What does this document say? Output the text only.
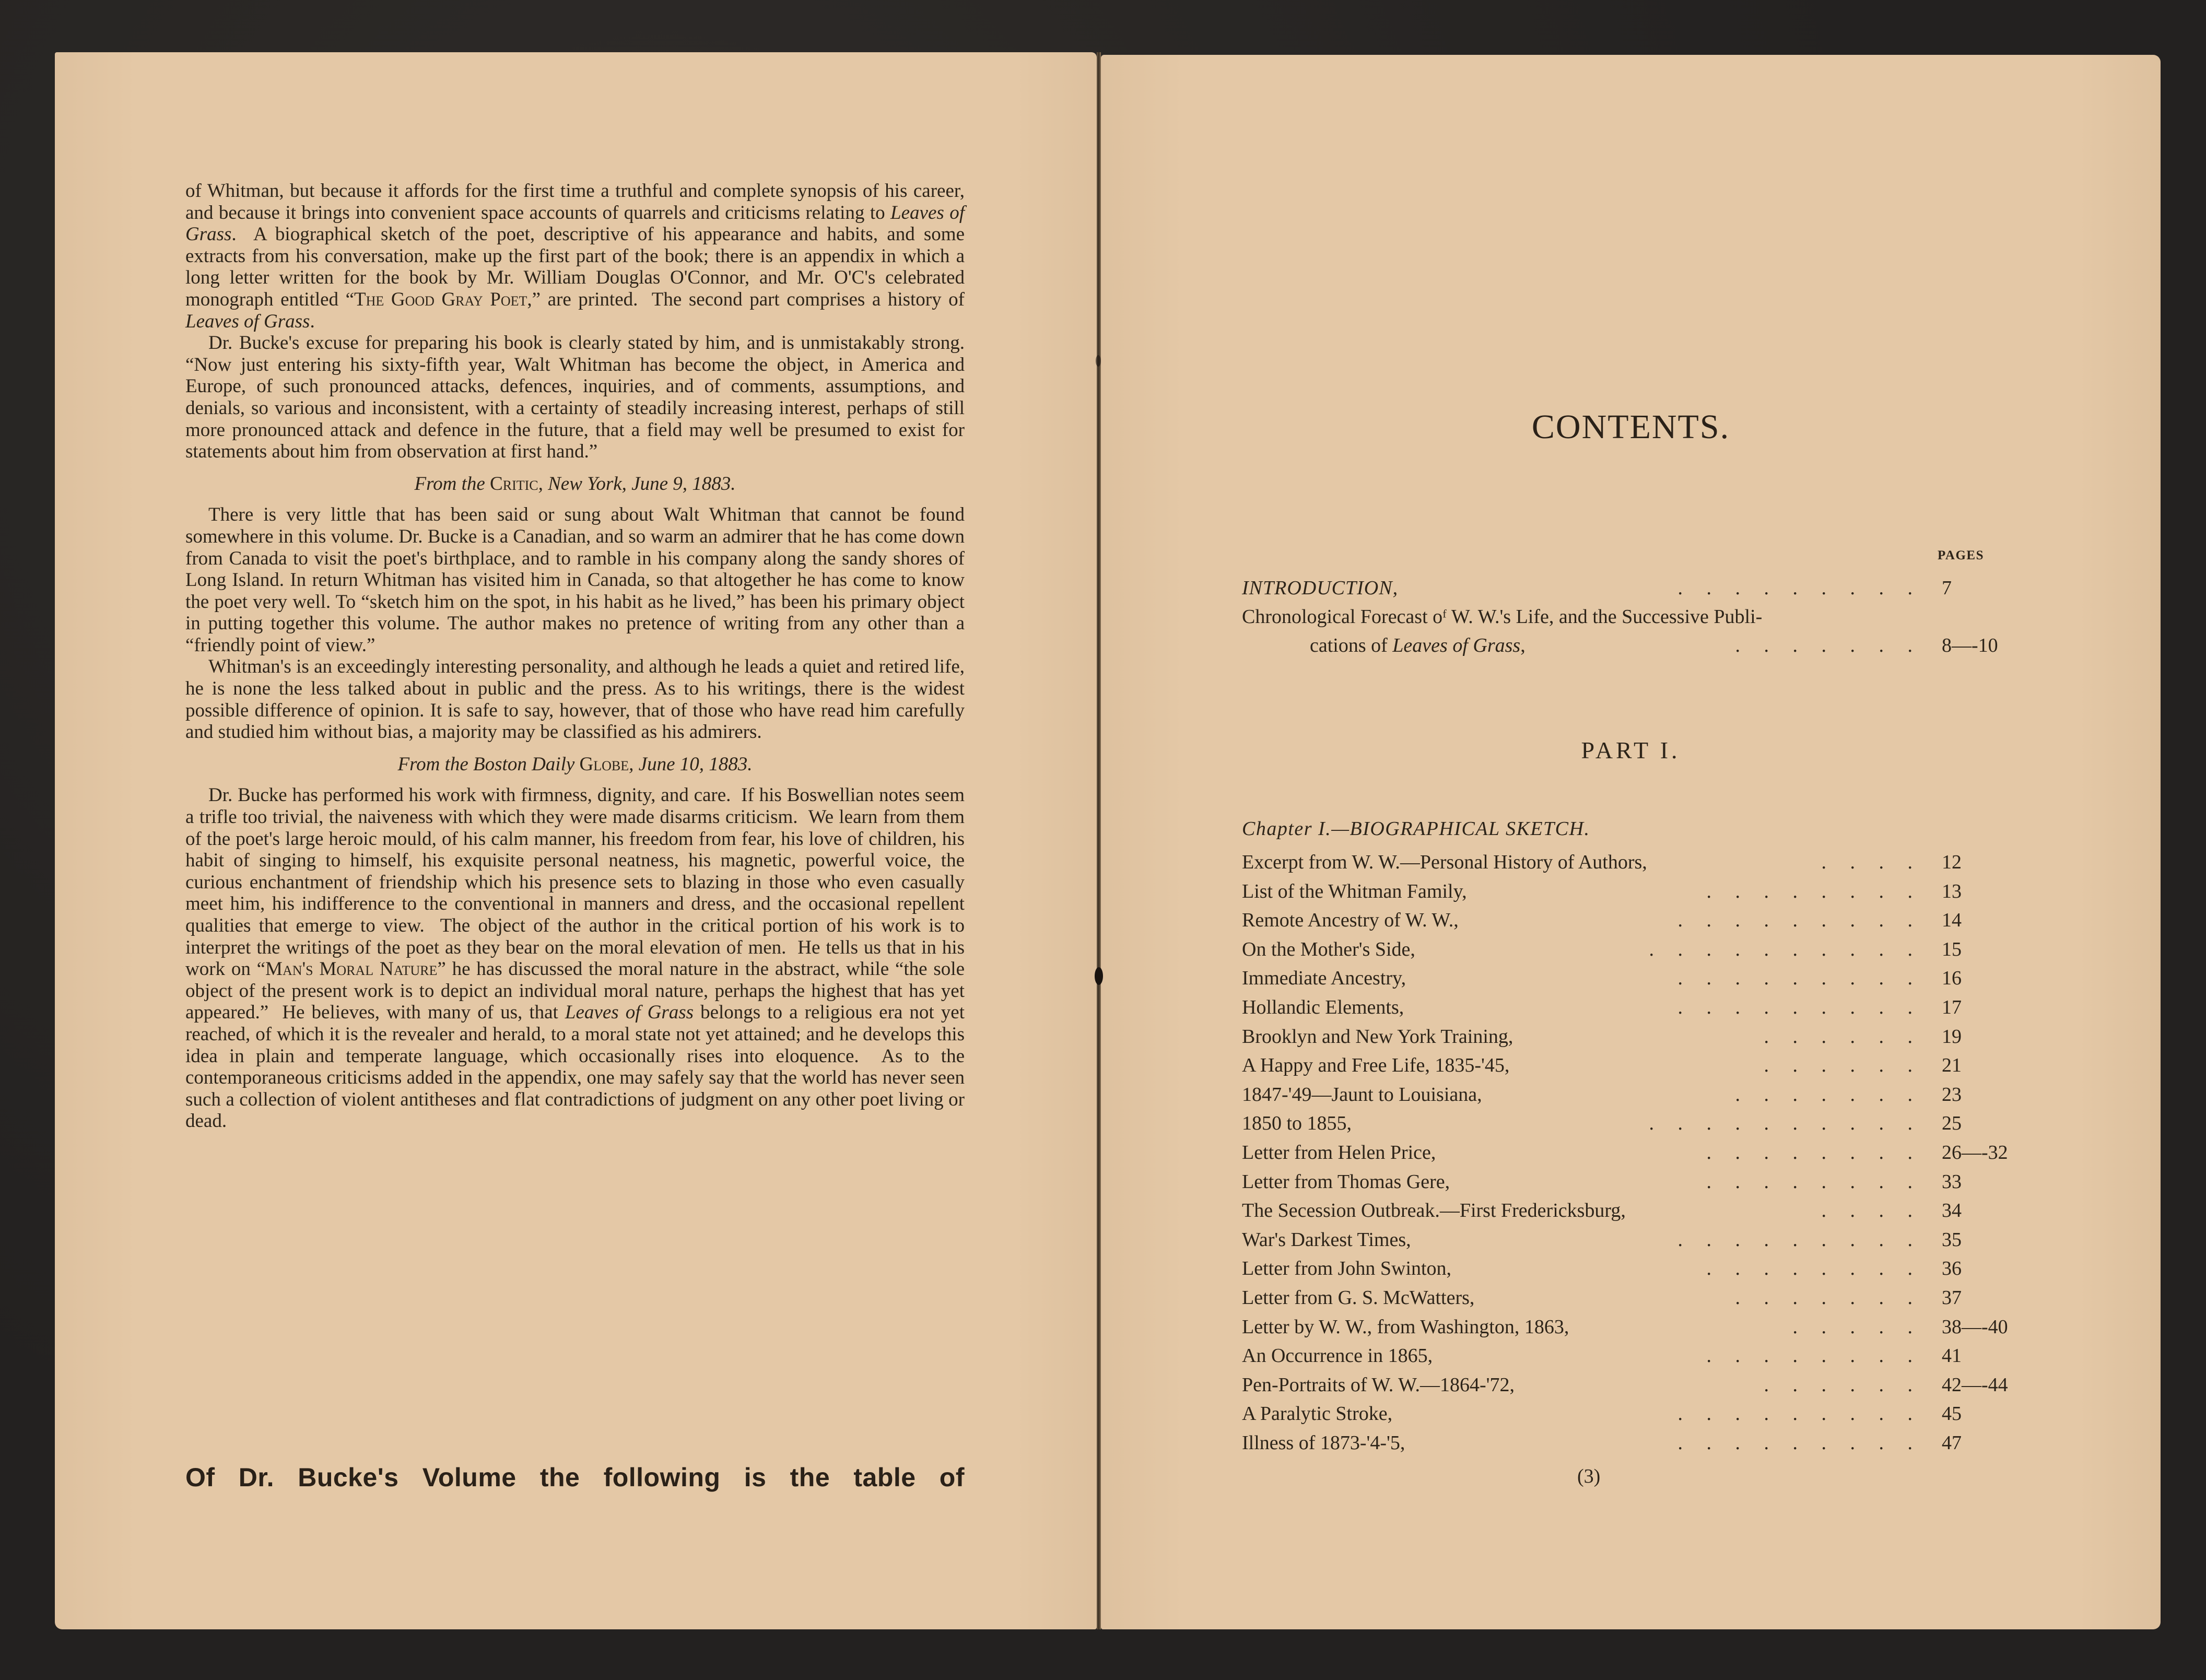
of Whitman, but because it affords for the first time a truthful and complete synopsis of his career, and because it brings into convenient space accounts of quarrels and criticisms relating to Leaves of Grass.  A biographical sketch of the poet, descriptive of his appearance and habits, and some extracts from his conversation, make up the first part of the book; there is an appendix in which a long letter written for the book by Mr. William Douglas O'Connor, and Mr. O'C's celebrated monograph entitled “The Good Gray Poet,” are printed.  The second part comprises a history of Leaves of Grass.

Dr. Bucke's excuse for preparing his book is clearly stated by him, and is unmistakably strong. “Now just entering his sixty-fifth year, Walt Whitman has become the object, in America and Europe, of such pronounced attacks, defences, inquiries, and of comments, assumptions, and denials, so various and inconsistent, with a certainty of steadily increasing interest, perhaps of still more pronounced attack and defence in the future, that a field may well be presumed to exist for statements about him from observation at first hand.”

From the Critic, New York, June 9, 1883.

There is very little that has been said or sung about Walt Whitman that cannot be found somewhere in this volume. Dr. Bucke is a Canadian, and so warm an admirer that he has come down from Canada to visit the poet's birthplace, and to ramble in his company along the sandy shores of Long Island. In return Whitman has visited him in Canada, so that altogether he has come to know the poet very well. To “sketch him on the spot, in his habit as he lived,” has been his primary object in putting together this volume. The author makes no pretence of writing from any other than a “friendly point of view.”

Whitman's is an exceedingly interesting personality, and although he leads a quiet and retired life, he is none the less talked about in public and the press. As to his writings, there is the widest possible difference of opinion. It is safe to say, however, that of those who have read him carefully and studied him without bias, a majority may be classified as his admirers.

From the Boston Daily Globe, June 10, 1883.

Dr. Bucke has performed his work with firmness, dignity, and care.  If his Boswellian notes seem a trifle too trivial, the naiveness with which they were made disarms criticism.  We learn from them of the poet's large heroic mould, of his calm manner, his freedom from fear, his love of children, his habit of singing to himself, his exquisite personal neatness, his magnetic, powerful voice, the curious enchantment of friendship which his presence sets to blazing in those who even casually meet him, his indifference to the conventional in manners and dress, and the occasional repellent qualities that emerge to view.  The object of the author in the critical portion of his work is to interpret the writings of the poet as they bear on the moral elevation of men.  He tells us that in his work on “Man's Moral Nature” he has discussed the moral nature in the abstract, while “the sole object of the present work is to depict an individual moral nature, perhaps the highest that has yet appeared.”  He believes, with many of us, that Leaves of Grass belongs to a religious era not yet reached, of which it is the revealer and herald, to a moral state not yet attained; and he develops this idea in plain and temperate language, which occasionally rises into eloquence.  As to the contemporaneous criticisms added in the appendix, one may safely say that the world has never seen such a collection of violent antitheses and flat contradictions of judgment on any other poet living or dead.

Of Dr. Bucke's Volume the following is the table of
CONTENTS.
PAGES
INTRODUCTION,	. . . . . . . . . 7
Chronological Forecast oᶠ W. W.'s Life, and the Successive Publi-
cations of Leaves of Grass,	. . . . . . . 8—-10
PART I.
Chapter I.—BIOGRAPHICAL SKETCH.
Excerpt from W. W.—Personal History of Authors,	. . . . 12
List of the Whitman Family,	. . . . . . . . 13
Remote Ancestry of W. W.,	. . . . . . . . . 14
On the Mother's Side,	. . . . . . . . . . 15
Immediate Ancestry,	. . . . . . . . . 16
Hollandic Elements,	. . . . . . . . . 17
Brooklyn and New York Training,	. . . . . . 19
A Happy and Free Life, 1835-'45,	. . . . . . 21
1847-'49—Jaunt to Louisiana,	. . . . . . . 23
1850 to 1855,	. . . . . . . . . . 25
Letter from Helen Price,	. . . . . . . . 26—-32
Letter from Thomas Gere,	. . . . . . . . 33
The Secession Outbreak.—First Fredericksburg,	. . . . 34
War's Darkest Times,	. . . . . . . . . 35
Letter from John Swinton,	. . . . . . . . 36
Letter from G. S. McWatters,	. . . . . . . 37
Letter by W. W., from Washington, 1863,	. . . . . 38—-40
An Occurrence in 1865,	. . . . . . . . 41
Pen-Portraits of W. W.—1864-'72,	. . . . . . 42—-44
A Paralytic Stroke,	. . . . . . . . . 45
Illness of 1873-'4-'5,	. . . . . . . . . 47
(3)
